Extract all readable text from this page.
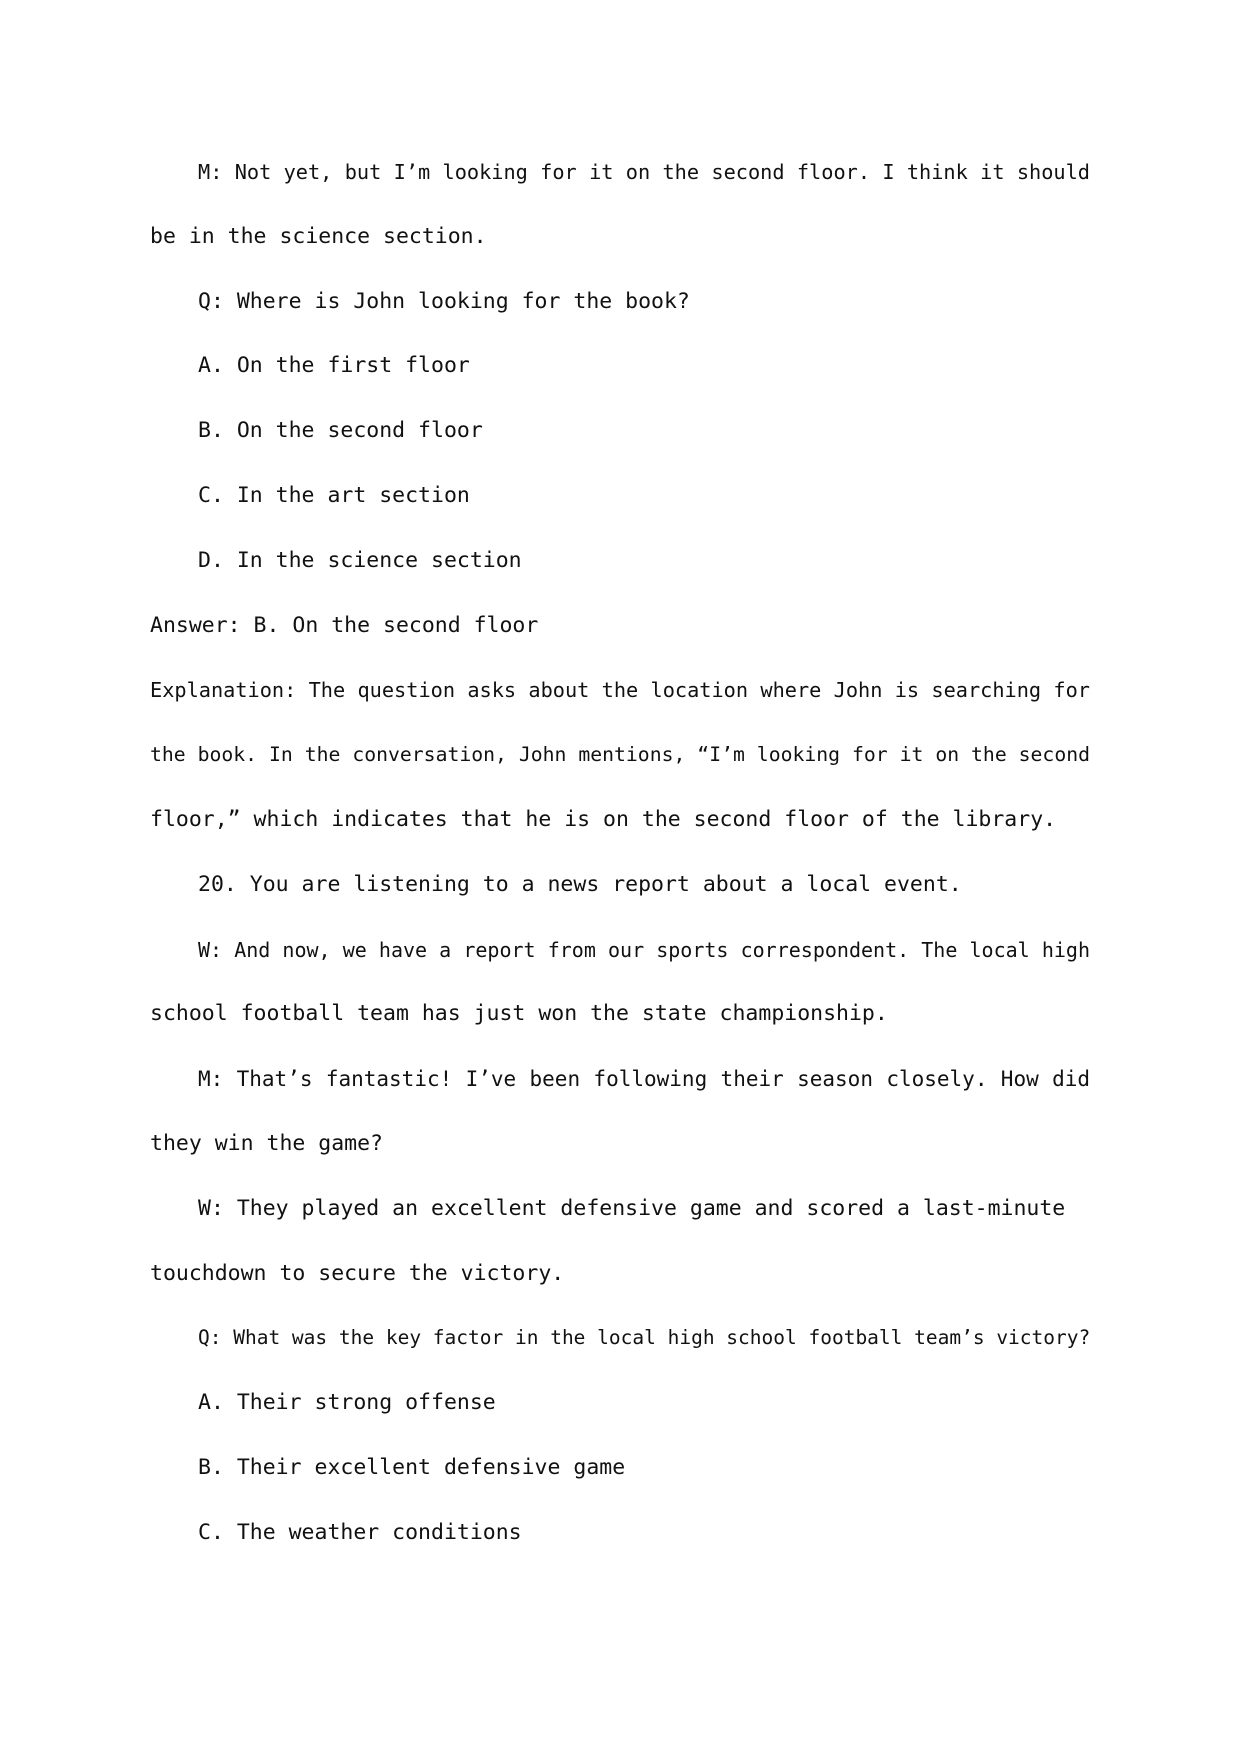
M: Not yet, but I’m looking for it on the second floor. I think it should
be in the science section.
Q: Where is John looking for the book?
A. On the first floor
B. On the second floor
C. In the art section
D. In the science section
Answer: B. On the second floor
Explanation: The question asks about the location where John is searching for
the book. In the conversation, John mentions, “I’m looking for it on the second
floor,” which indicates that he is on the second floor of the library.
20. You are listening to a news report about a local event.
W: And now, we have a report from our sports correspondent. The local high
school football team has just won the state championship.
M: That’s fantastic! I’ve been following their season closely. How did
they win the game?
W: They played an excellent defensive game and scored a last-minute
touchdown to secure the victory.
Q: What was the key factor in the local high school football team’s victory?
A. Their strong offense
B. Their excellent defensive game
C. The weather conditions
